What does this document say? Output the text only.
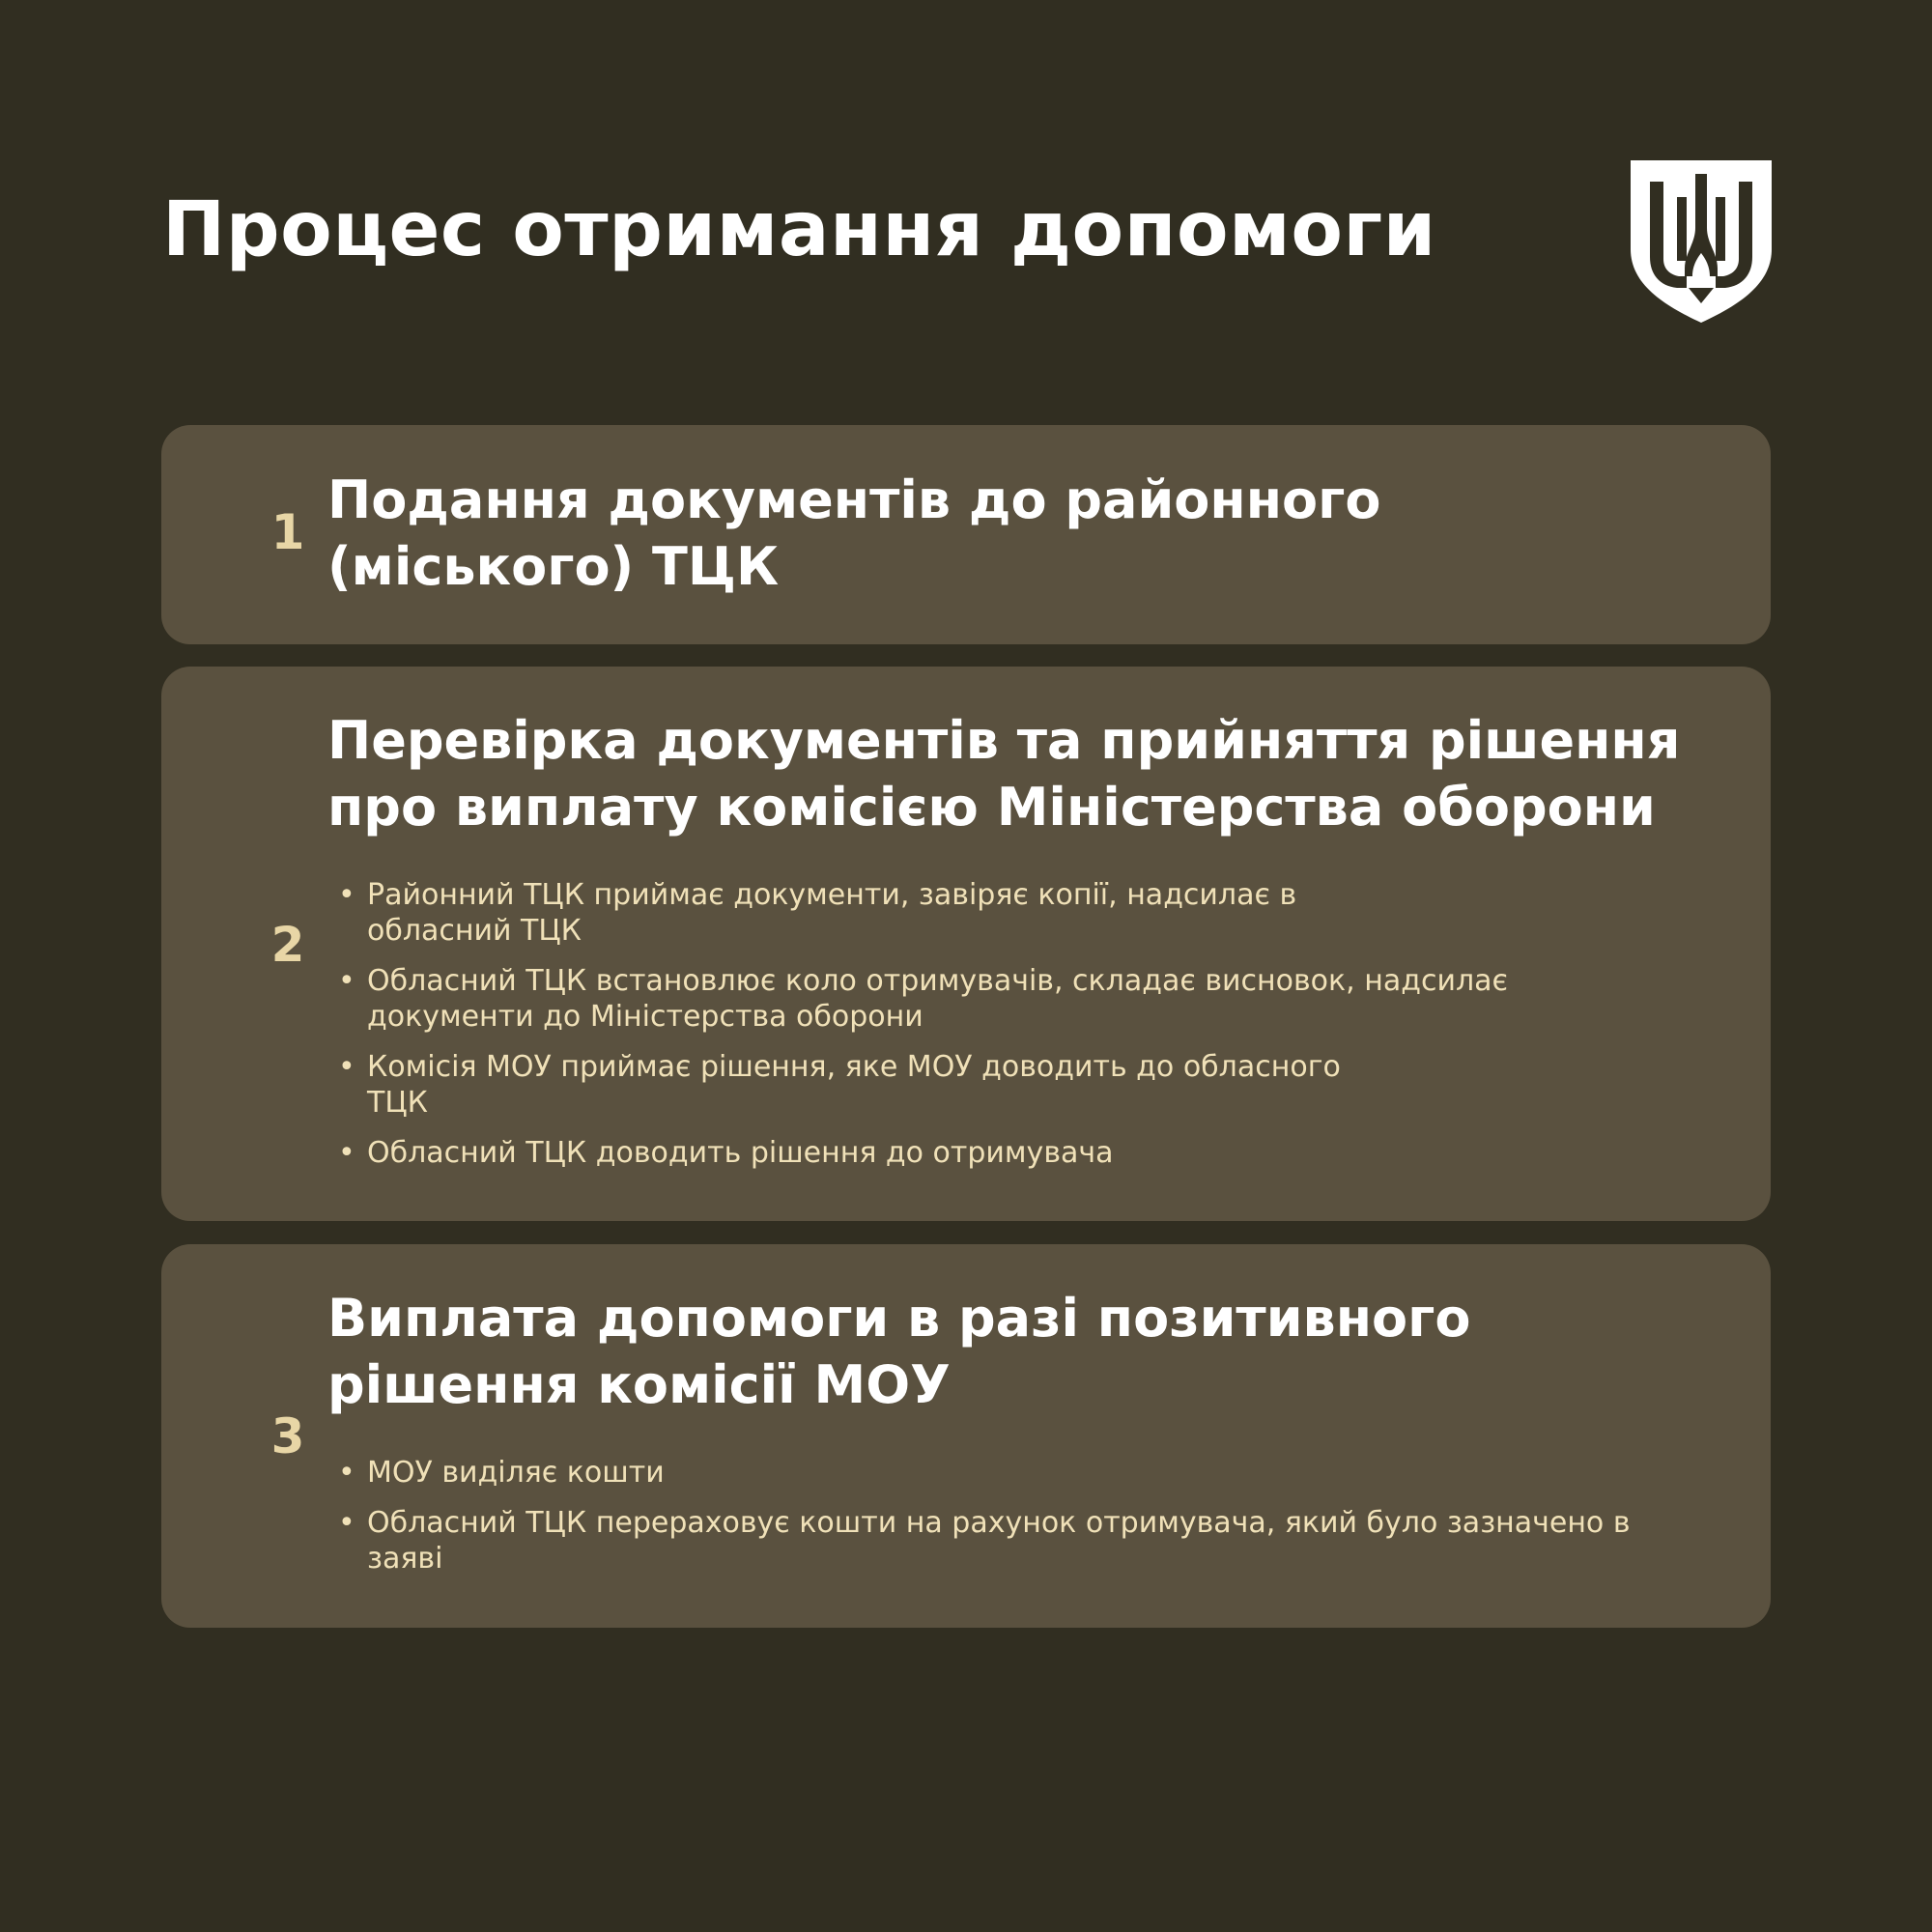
Процес отримання допомоги
1
Подання документів до районного (міського) ТЦК
2
Перевірка документів та прийняття рішення про виплату комісією Міністерства оборони
• Районний ТЦК приймає документи, завіряє копії, надсилає в обласний ТЦК
• Обласний ТЦК встановлює коло отримувачів, складає висновок, надсилає документи до Міністерства оборони
• Комісія МОУ приймає рішення, яке МОУ доводить до обласного ТЦК
• Обласний ТЦК доводить рішення до отримувача
3
Виплата допомоги в разі позитивного рішення комісії МОУ
• МОУ виділяє кошти
• Обласний ТЦК перераховує кошти на рахунок отримувача, який було зазначено в заяві
